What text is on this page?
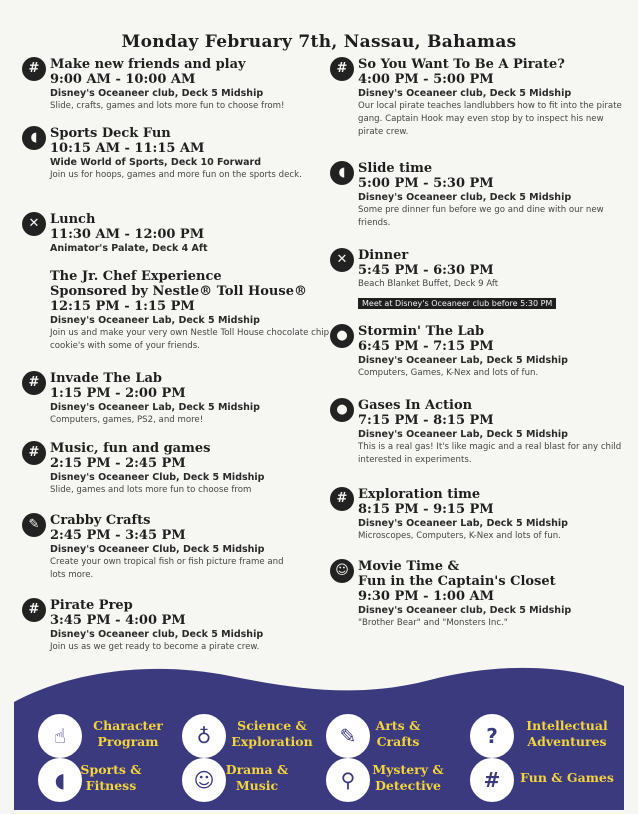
Monday February 7th, Nassau, Bahamas
# Make new friends and play
9:00 AM - 10:00 AM
Disney's Oceaneer club, Deck 5 Midship
Slide, crafts, games and lots more fun to choose from!
◖ Sports Deck Fun
10:15 AM - 11:15 AM
Wide World of Sports, Deck 10 Forward
Join us for hoops, games and more fun on the sports deck.
✕ Lunch
11:30 AM - 12:00 PM
Animator's Palate, Deck 4 Aft
The Jr. Chef Experience
Sponsored by Nestle® Toll House®
12:15 PM - 1:15 PM
Disney's Oceaneer Lab, Deck 5 Midship
Join us and make your very own Nestle Toll House chocolate chip cookie's with some of your friends.
# Invade The Lab
1:15 PM - 2:00 PM
Disney's Oceaneer Lab, Deck 5 Midship
Computers, games, PS2, and more!
# Music, fun and games
2:15 PM - 2:45 PM
Disney's Oceaneer Club, Deck 5 Midship
Slide, games and lots more fun to choose from
✎ Crabby Crafts
2:45 PM - 3:45 PM
Disney's Oceaneer Club, Deck 5 Midship
Create your own tropical fish or fish picture frame and lots more.
# Pirate Prep
3:45 PM - 4:00 PM
Disney's Oceaneer club, Deck 5 Midship
Join us as we get ready to become a pirate crew.
# So You Want To Be A Pirate?
4:00 PM - 5:00 PM
Disney's Oceaneer club, Deck 5 Midship
Our local pirate teaches landlubbers how to fit into the pirate gang. Captain Hook may even stop by to inspect his new pirate crew.
◖ Slide time
5:00 PM - 5:30 PM
Disney's Oceaneer club, Deck 5 Midship
Some pre dinner fun before we go and dine with our new friends.
✕ Dinner
5:45 PM - 6:30 PM
Beach Blanket Buffet, Deck 9 Aft
Meet at Disney's Oceaneer club before 5:30 PM
● Stormin' The Lab
6:45 PM - 7:15 PM
Disney's Oceaneer Lab, Deck 5 Midship
Computers, Games, K-Nex and lots of fun.
● Gases In Action
7:15 PM - 8:15 PM
Disney's Oceaneer Lab, Deck 5 Midship
This is a real gas! It's like magic and a real blast for any child interested in experiments.
# Exploration time
8:15 PM - 9:15 PM
Disney's Oceaneer Lab, Deck 5 Midship
Microscopes, Computers, K-Nex and lots of fun.
☺ Movie Time &
Fun in the Captain's Closet
9:30 PM - 1:00 AM
Disney's Oceaneer club, Deck 5 Midship
"Brother Bear" and "Monsters Inc."
☝	Character
Program	♁	Science &
Exploration	✎	Arts &
Crafts	?	Intellectual
Adventures
◖	Sports &
Fitness	☺ Drama &
Music	⚲	Mystery &
Detective	#	Fun & Games
